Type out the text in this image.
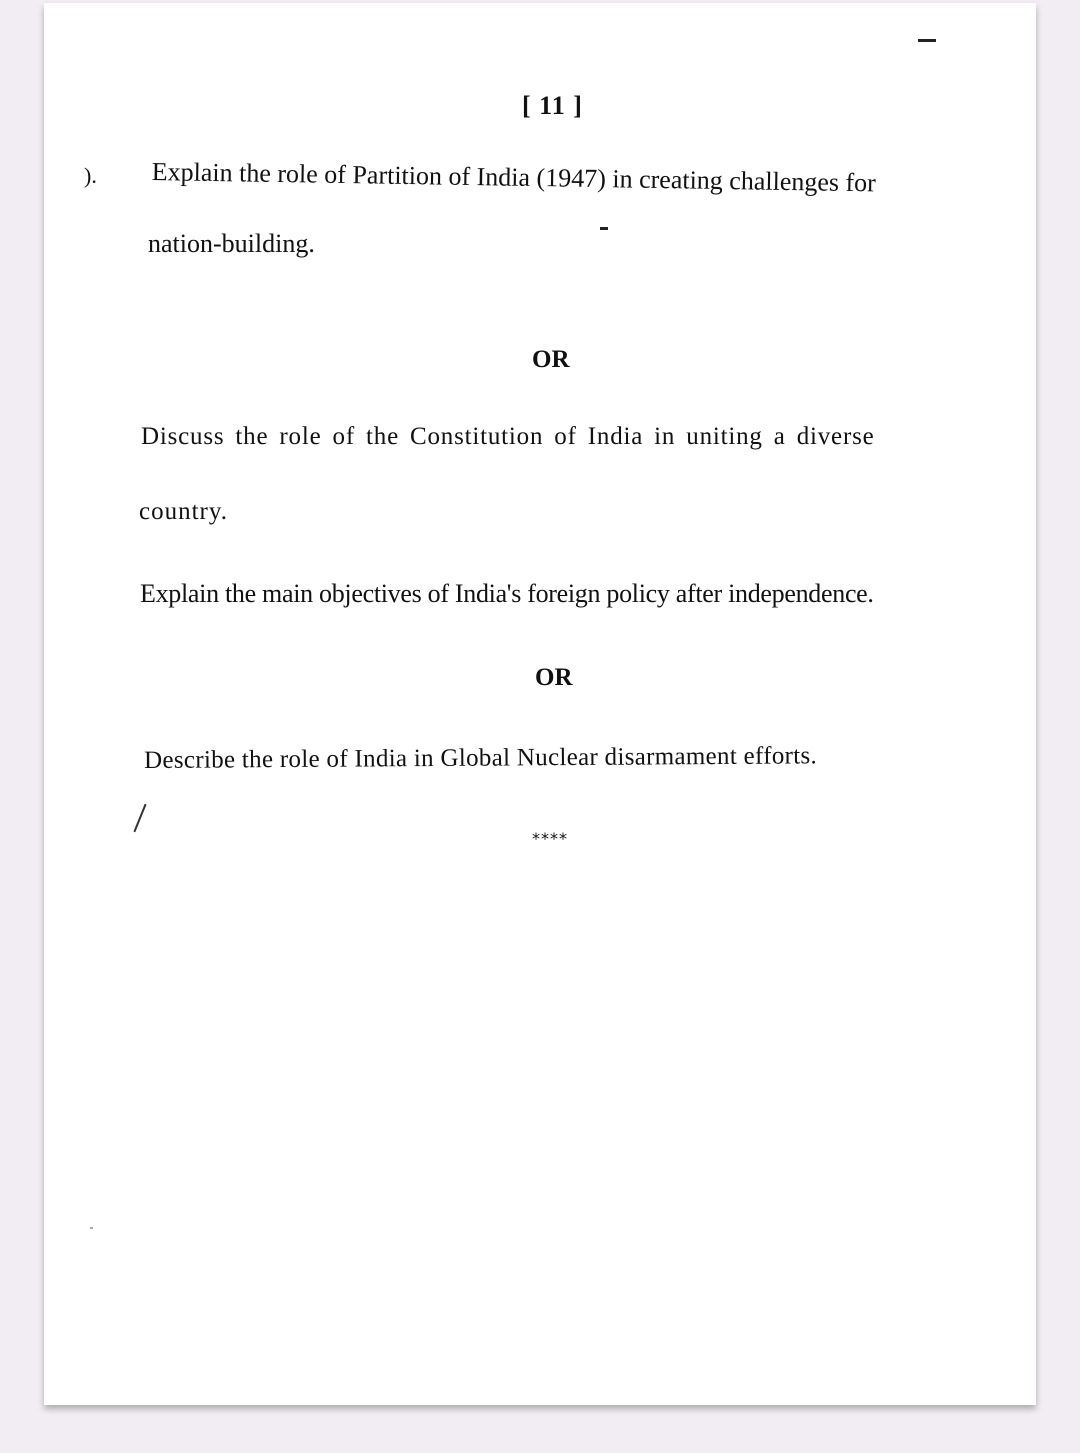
[ 11 ]
). Explain the role of Partition of India (1947) in creating challenges for
nation-building.
OR
Discuss the role of the Constitution of India in uniting a diverse
country.
Explain the main objectives of India's foreign policy after independence.
OR
Describe the role of India in Global Nuclear disarmament efforts.
****
